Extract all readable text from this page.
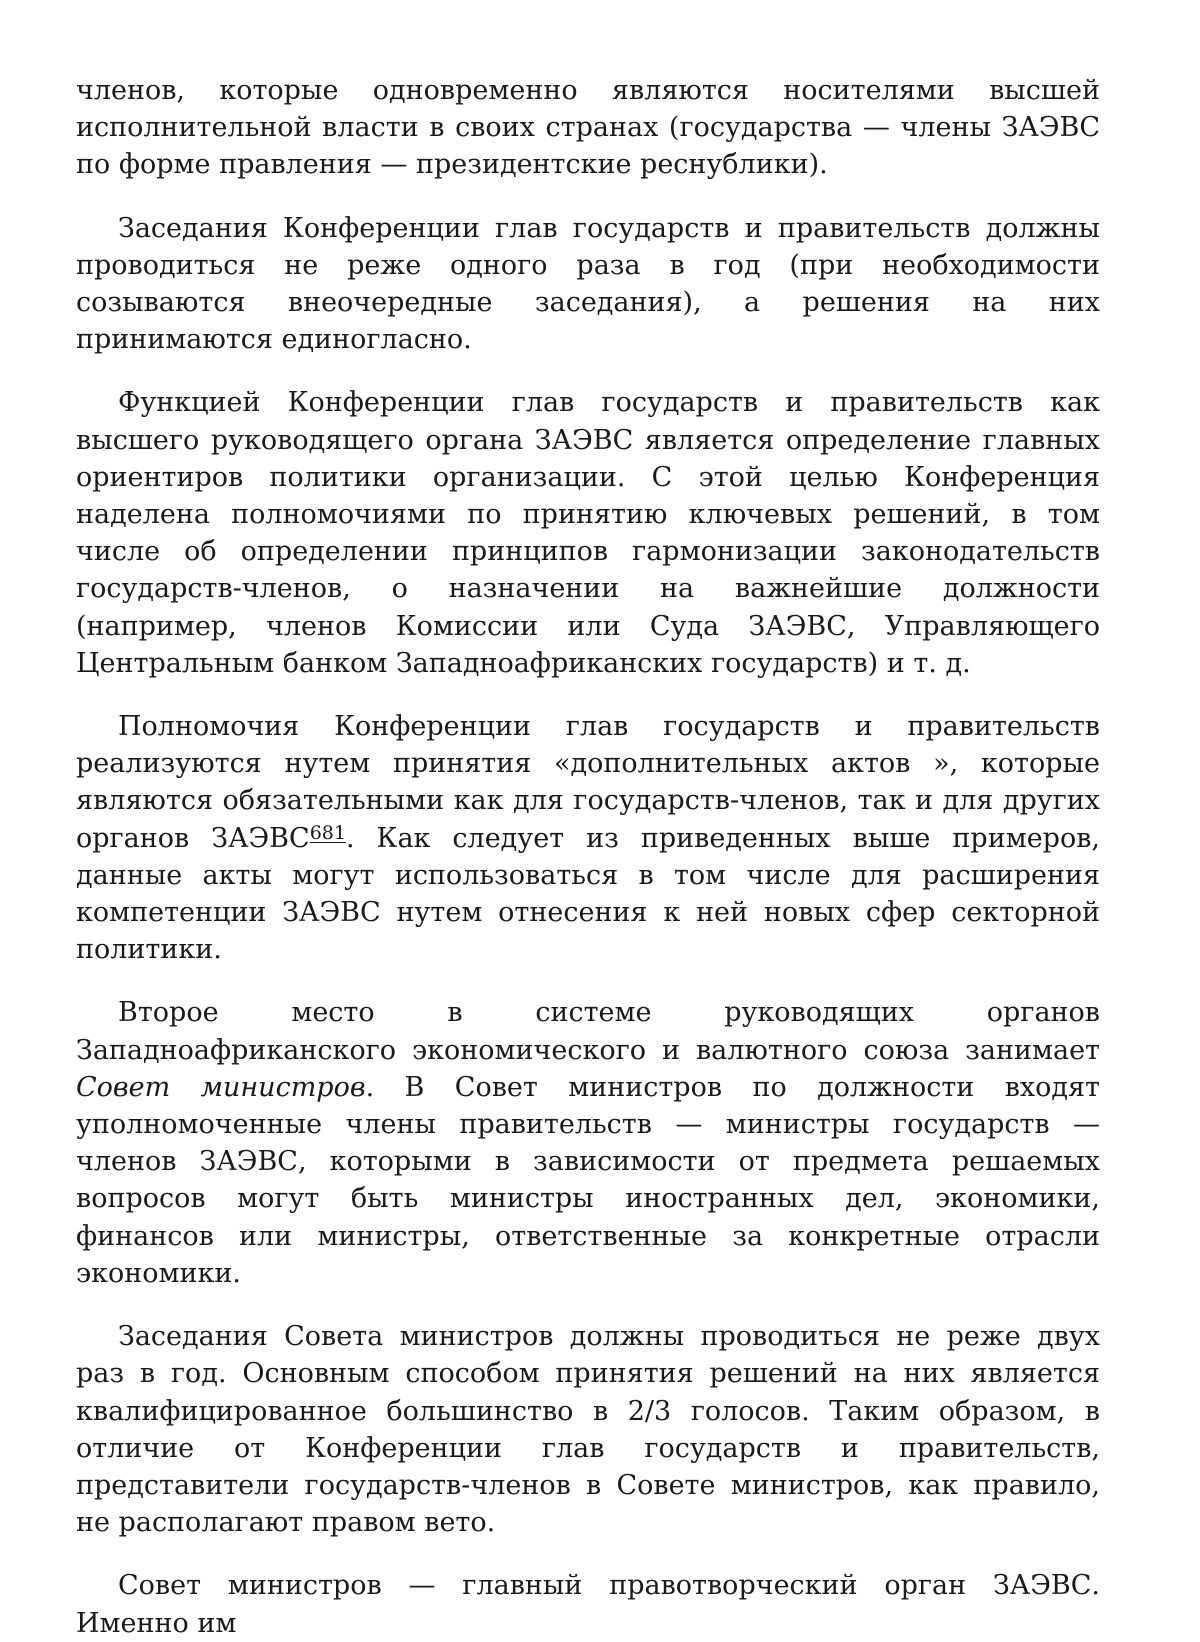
членов, которые одновременно являются носителями высшей исполнительной власти в своих странах (государства — члены ЗАЭВС по форме правления — президентские реснублики).

Заседания Конференции глав государств и правительств должны проводиться не реже одного раза в год (при необходимости созываются внеочередные заседания), а решения на них принимаются единогласно.

Функцией Конференции глав государств и правительств как высшего руководящего органа ЗАЭВС является определение главных ориентиров политики организации. С этой целью Конференция наделена полномочиями по принятию ключевых решений, в том числе об определении принципов гармонизации законодательств государств-членов, о назначении на важнейшие должности (например, членов Комиссии или Суда ЗАЭВС, Управляющего Центральным банком Западноафриканских государств) и т. д.

Полномочия Конференции глав государств и правительств реализуются нутем принятия «дополнительных актов », которые являются обязательными как для государств-членов, так и для других органов ЗАЭВС$^{681}$. Как следует из приведенных выше примеров, данные акты могут использоваться в том числе для расширения компетенции ЗАЭВС нутем отнесения к ней новых сфер секторной политики.

Второе место в системе руководящих органов Западноафриканского экономического и валютного союза занимает Совет министров. В Совет министров по должности входят уполномоченные члены правительств — министры государств — членов ЗАЭВС, которыми в зависимости от предмета решаемых вопросов могут быть министры иностранных дел, экономики, финансов или министры, ответственные за конкретные отрасли экономики.

Заседания Совета министров должны проводиться не реже двух раз в год. Основным способом принятия решений на них является квалифицированное большинство в 2/3 голосов. Таким образом, в отличие от Конференции глав государств и правительств, представители государств-членов в Совете министров, как правило, не располагают правом вето.

Совет министров — главный правотворческий орган ЗАЭВС. Именно им
